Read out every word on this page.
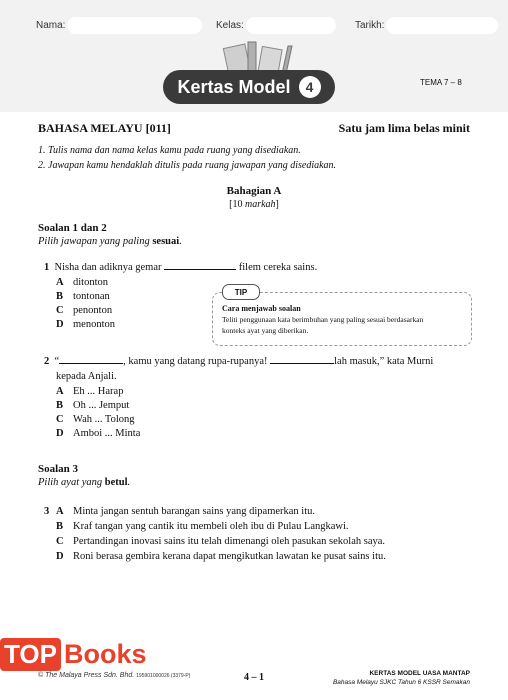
Nama:	Kelas:	Tarikh:
Kertas Model	4	TEMA 7 – 8
BAHASA MELAYU [011]	Satu jam lima belas minit
1. Tulis nama dan nama kelas kamu pada ruang yang disediakan.
2. Jawapan kamu hendaklah ditulis pada ruang jawapan yang disediakan.
Bahagian A
[10 markah]
Soalan 1 dan 2
Pilih jawapan yang paling sesuai.
1 Nisha dan adiknya gemar	filem cereka sains.
A ditonton
B tontonan
C penonton
D menonton
TIP
Cara menjawab soalan
Teliti penggunaan kata berimbuhan yang paling sesuai berdasarkan
konteks ayat yang diberikan.
2 “	, kamu yang datang rupa-rupanya!	lah masuk,” kata Murni
kepada Anjali.
A Eh ... Harap
B Oh ... Jemput
C Wah ... Tolong
D Amboi ... Minta
Soalan 3
Pilih ayat yang betul.
3 A Minta jangan sentuh barangan sains yang dipamerkan itu.
B Kraf tangan yang cantik itu membeli oleh ibu di Pulau Langkawi.
C Pertandingan inovasi sains itu telah dimenangi oleh pasukan sekolah saya.
D Roni berasa gembira kerana dapat mengikutkan lawatan ke pusat sains itu.
TOP Books
© The Malaya Press Sdn. Bhd. 195901000026 (3379-P)	4 – 1	KERTAS MODEL UASA MANTAP
Bahasa Melayu SJKC Tahun 6 KSSR Semakan
